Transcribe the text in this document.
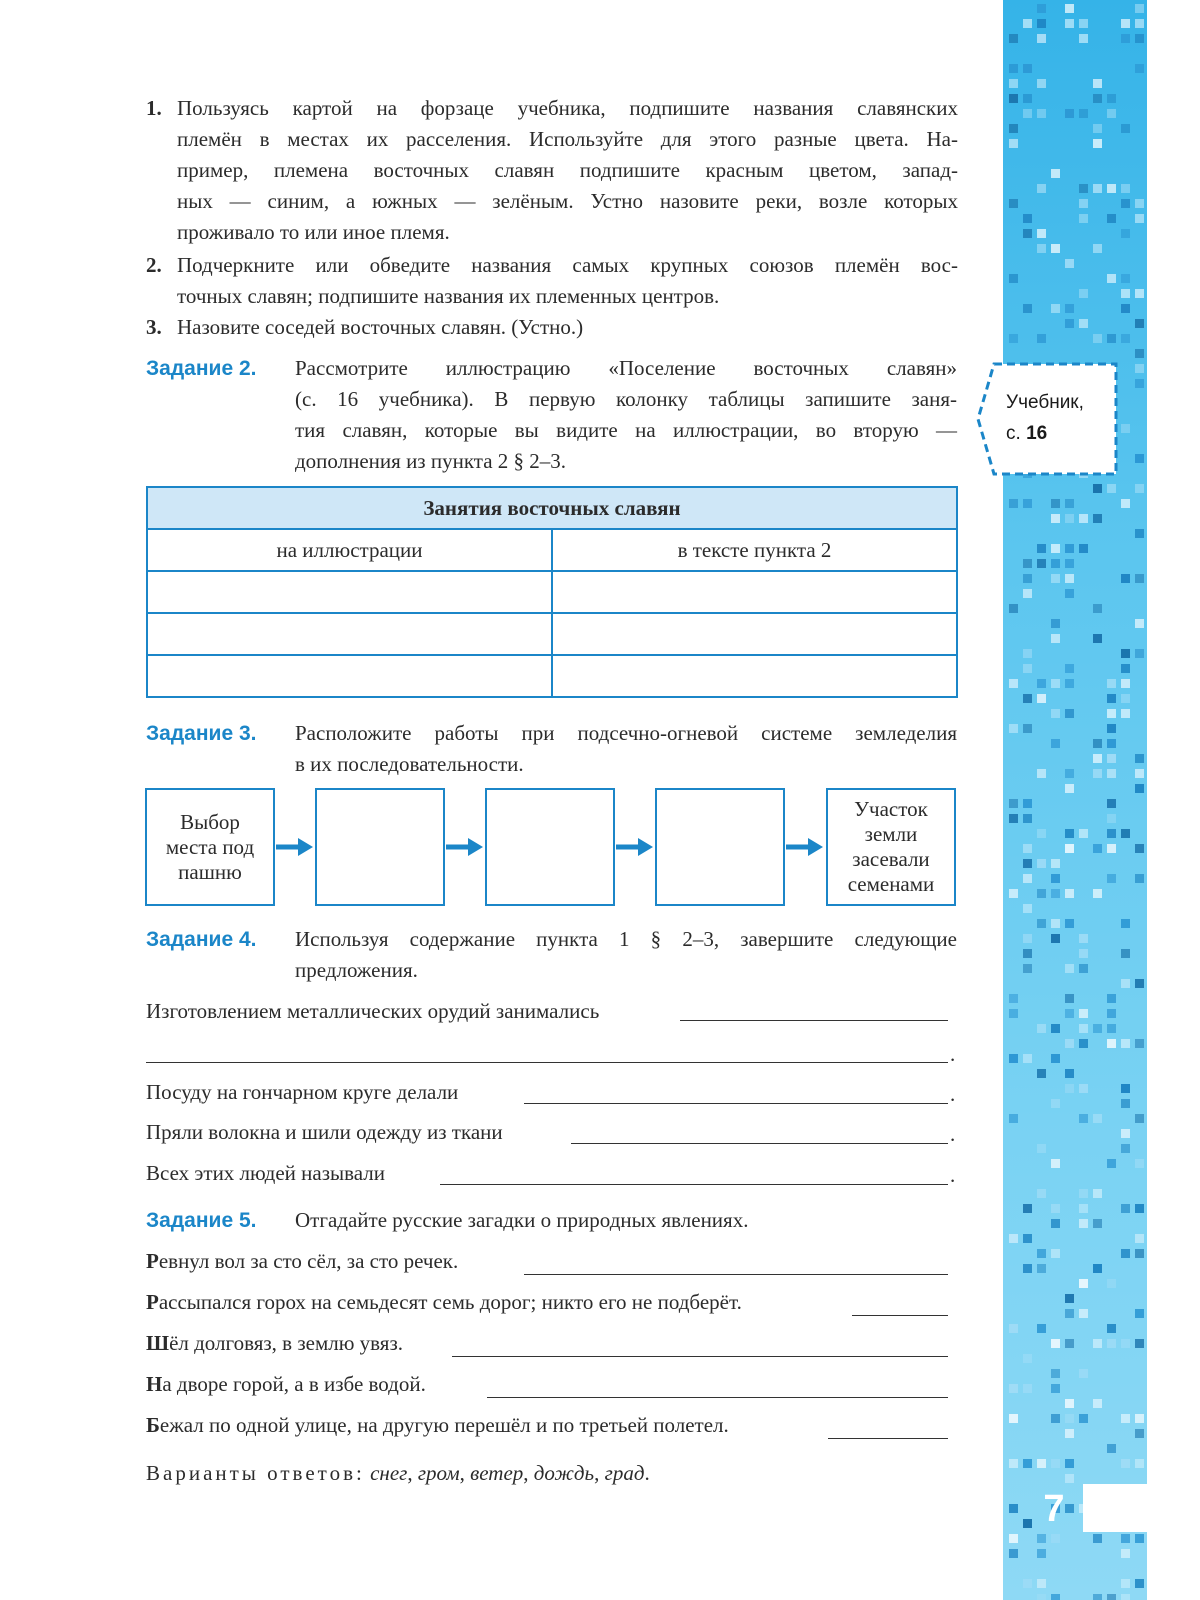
7
Учебник,
с. 16
1. Пользуясь картой на форзаце учебника, подпишите названия славянских
племён в местах их расселения. Используйте для этого разные цвета. На-
пример, племена восточных славян подпишите красным цветом, запад-
ных — синим, а южных — зелёным. Устно назовите реки, возле которых
проживало то или иное племя.
2. Подчеркните или обведите названия самых крупных союзов племён вос-
точных славян; подпишите названия их племенных центров.
3. Назовите соседей восточных славян. (Устно.)
Задание 2. Рассмотрите иллюстрацию «Поселение восточных славян»
(с. 16 учебника). В первую колонку таблицы запишите заня-
тия славян, которые вы видите на иллюстрации, во вторую —
дополнения из пункта 2 § 2–3.
Занятия восточных славян
на иллюстрации	в тексте пункта 2
Задание 3. Расположите работы при подсечно-огневой системе земледелия
в их последовательности.
Выбор
места под
пашню
Участок
земли
засевали
семенами
Задание 4. Используя содержание пункта 1 § 2–3, завершите следующие
предложения.
Изготовлением металлических орудий занимались
.
Посуду на гончарном круге делали	.
Пряли волокна и шили одежду из ткани	.
Всех этих людей называли	.
Задание 5. Отгадайте русские загадки о природных явлениях.
Ревнул вол за сто сёл, за сто речек.
Рассыпался горох на семьдесят семь дорог; никто его не подберёт.
Шёл долговяз, в землю увяз.
На дворе горой, а в избе водой.
Бежал по одной улице, на другую перешёл и по третьей полетел.
Варианты ответов: снег, гром, ветер, дождь, град.
